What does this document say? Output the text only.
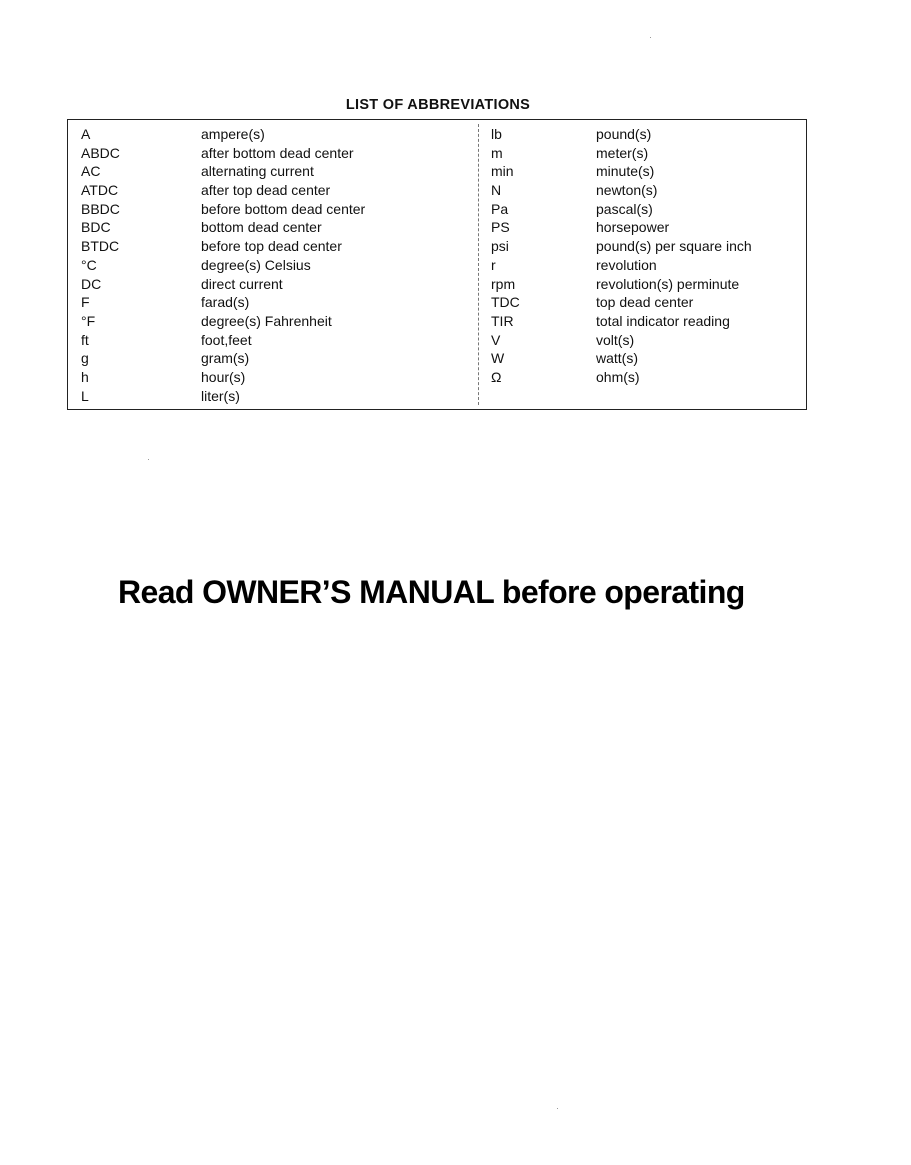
LIST OF ABBREVIATIONS
A	ampere(s)
ABDC	after bottom dead center
AC	alternating current
ATDC	after top dead center
BBDC	before bottom dead center
BDC	bottom dead center
BTDC	before top dead center
°C	degree(s) Celsius
DC	direct current
F	farad(s)
°F	degree(s) Fahrenheit
ft	foot,feet
g	gram(s)
h	hour(s)
L	liter(s)
lb	pound(s)
m	meter(s)
min	minute(s)
N	newton(s)
Pa	pascal(s)
PS	horsepower
psi	pound(s) per square inch
r	revolution
rpm	revolution(s) perminute
TDC	top dead center
TIR	total indicator reading
V	volt(s)
W	watt(s)
Ω	ohm(s)
Read OWNER’S MANUAL before operating
